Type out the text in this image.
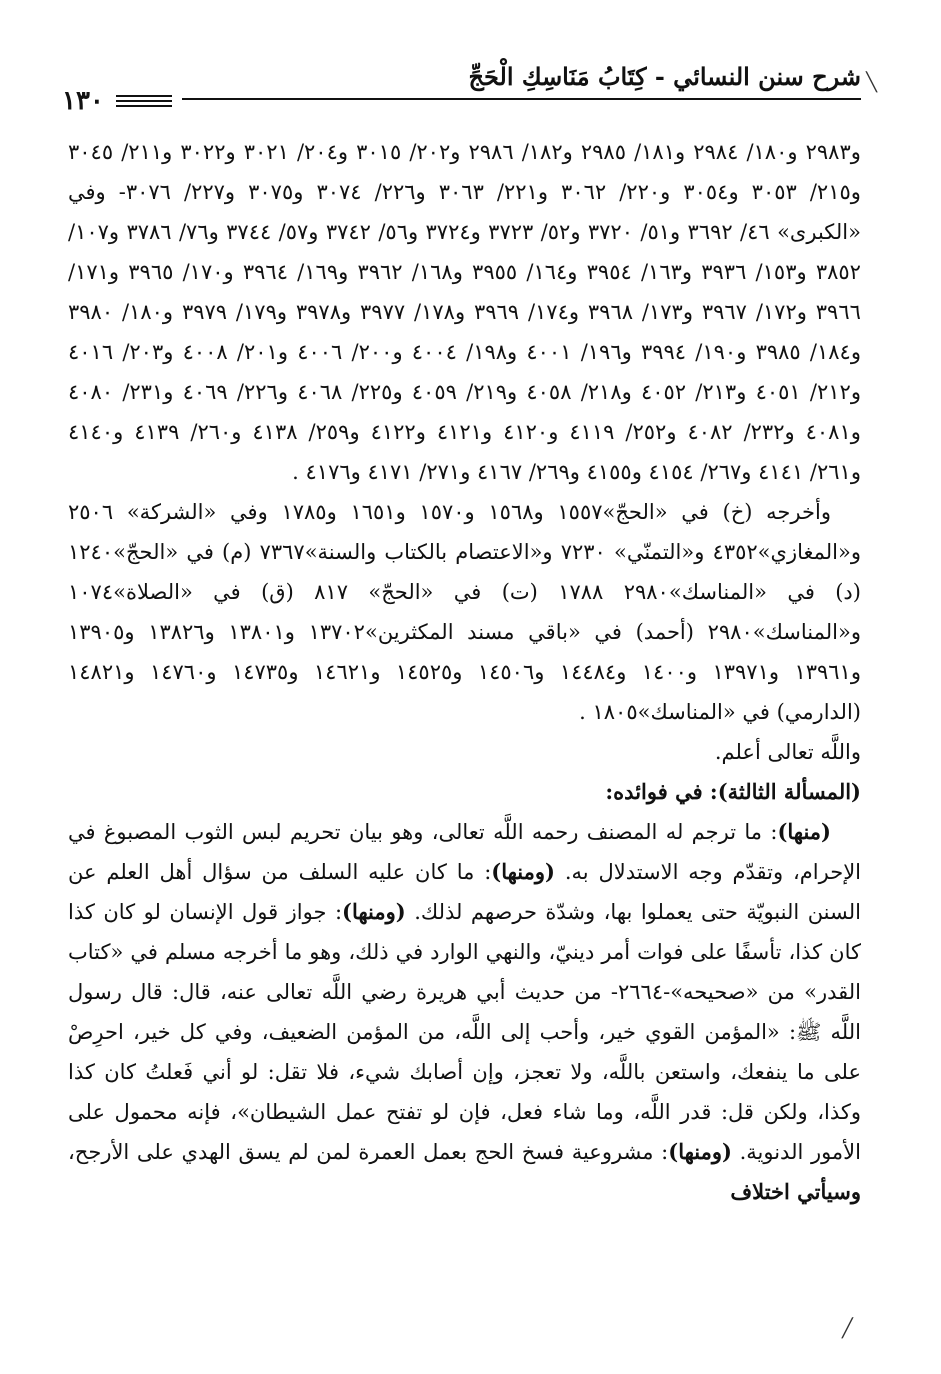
شرح سنن النسائي - كِتَابُ مَنَاسِكِ الْحَجِّ
١٣٠

و٢٩٨٣ و١٨٠/ ٢٩٨٤ و١٨١/ ٢٩٨٥ و١٨٢/ ٢٩٨٦ و٢٠٢/ ٣٠١٥ و٢٠٤/ ٣٠٢١ و٣٠٢٢ و٢١١/ ٣٠٤٥ و٢١٥/ ٣٠٥٣ و٣٠٥٤ و٢٢٠/ ٣٠٦٢ و٢٢١/ ٣٠٦٣ و٢٢٦/ ٣٠٧٤ و٣٠٧٥ و٢٢٧/ ٣٠٧٦- وفي «الكبرى» ٤٦/ ٣٦٩٢ و٥١/ ٣٧٢٠ و٥٢/ ٣٧٢٣ و٣٧٢٤ و٥٦/ ٣٧٤٢ و٥٧/ ٣٧٤٤ و٧٦/ ٣٧٨٦ و١٠٧/ ٣٨٥٢ و١٥٣/ ٣٩٣٦ و١٦٣/ ٣٩٥٤ و١٦٤/ ٣٩٥٥ و١٦٨/ ٣٩٦٢ و١٦٩/ ٣٩٦٤ و١٧٠/ ٣٩٦٥ و١٧١/ ٣٩٦٦ و١٧٢/ ٣٩٦٧ و١٧٣/ ٣٩٦٨ و١٧٤/ ٣٩٦٩ و١٧٨/ ٣٩٧٧ و٣٩٧٨ و١٧٩/ ٣٩٧٩ و١٨٠/ ٣٩٨٠ و١٨٤/ ٣٩٨٥ و١٩٠/ ٣٩٩٤ و١٩٦/ ٤٠٠١ و١٩٨/ ٤٠٠٤ و٢٠٠/ ٤٠٠٦ و٢٠١/ ٤٠٠٨ و٢٠٣/ ٤٠١٦ و٢١٢/ ٤٠٥١ و٢١٣/ ٤٠٥٢ و٢١٨/ ٤٠٥٨ و٢١٩/ ٤٠٥٩ و٢٢٥/ ٤٠٦٨ و٢٢٦/ ٤٠٦٩ و٢٣١/ ٤٠٨٠ و٤٠٨١ و٢٣٢/ ٤٠٨٢ و٢٥٢/ ٤١١٩ و٤١٢٠ و٤١٢١ و٤١٢٢ و٢٥٩/ ٤١٣٨ و٢٦٠/ ٤١٣٩ و٤١٤٠ و٢٦١/ ٤١٤١ و٢٦٧/ ٤١٥٤ و٤١٥٥ و٢٦٩/ ٤١٦٧ و٢٧١/ ٤١٧١ و٤١٧٦ .

وأخرجه (خ) في «الحجّ»١٥٥٧ و١٥٦٨ و١٥٧٠ و١٦٥١ و١٧٨٥ وفي «الشركة» ٢٥٠٦ و«المغازي»٤٣٥٢ و«التمنّي» ٧٢٣٠ و«الاعتصام بالكتاب والسنة»٧٣٦٧ (م) في «الحجّ»١٢٤٠ (د) في «المناسك»٢٩٨٠ ١٧٨٨ (ت) في «الحجّ» ٨١٧ (ق) في «الصلاة»١٠٧٤ و«المناسك»٢٩٨٠ (أحمد) في «باقي مسند المكثرين»١٣٧٠٢ و١٣٨٠١ و١٣٨٢٦ و١٣٩٠٥ و١٣٩٦١ و١٣٩٧١ و١٤٠٠ و١٤٤٨٤ و١٤٥٠٦ و١٤٥٢٥ و١٤٦٢١ و١٤٧٣٥ و١٤٧٦٠ و١٤٨٢١ (الدارمي) في «المناسك»١٨٠٥ .

واللَّه تعالى أعلم.

(المسألة الثالثة): في فوائده:

(منها): ما ترجم له المصنف رحمه اللَّه تعالى، وهو بيان تحريم لبس الثوب المصبوغ في الإحرام، وتقدّم وجه الاستدلال به. (ومنها): ما كان عليه السلف من سؤال أهل العلم عن السنن النبويّة حتى يعملوا بها، وشدّة حرصهم لذلك. (ومنها): جواز قول الإنسان لو كان كذا كان كذا، تأسفًا على فوات أمر دينيّ، والنهي الوارد في ذلك، وهو ما أخرجه مسلم في «كتاب القدر» من «صحيحه»-٢٦٦٤- من حديث أبي هريرة رضي اللَّه تعالى عنه، قال: قال رسول اللَّه ﷺ: «المؤمن القوي خير، وأحب إلى اللَّه، من المؤمن الضعيف، وفي كل خير، احرِصْ على ما ينفعك، واستعن باللَّه، ولا تعجز، وإن أصابك شيء، فلا تقل: لو أني فَعلتُ كان كذا وكذا، ولكن قل: قدر اللَّه، وما شاء فعل، فإن لو تفتح عمل الشيطان»، فإنه محمول على الأمور الدنوية. (ومنها): مشروعية فسخ الحج بعمل العمرة لمن لم يسق الهدي على الأرجح، وسيأتي اختلاف

╲
╱
